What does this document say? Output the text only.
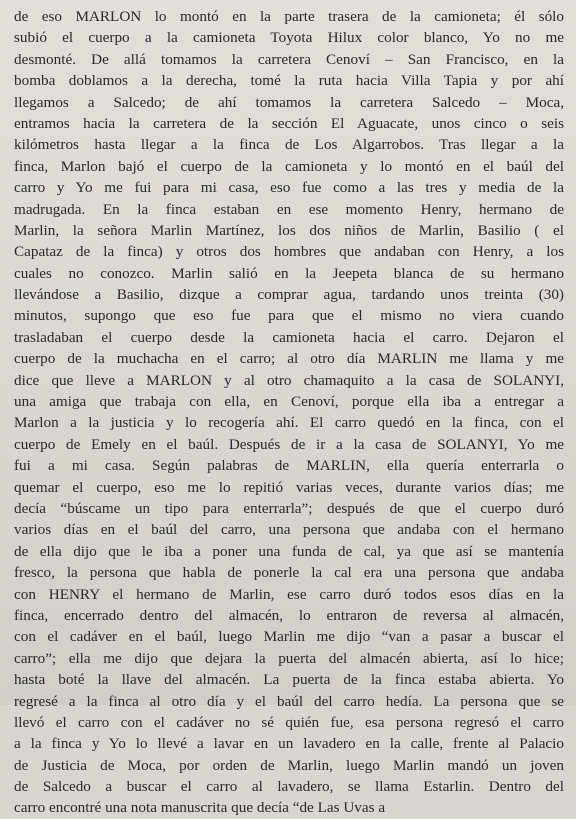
de eso MARLON lo montó en la parte trasera de la camioneta; él sólo
subió el cuerpo a la camioneta Toyota Hilux color blanco, Yo no me
desmonté. De allá tomamos la carretera Cenoví – San Francisco, en la
bomba doblamos a la derecha, tomé la ruta hacia Villa Tapia y por ahí
llegamos a Salcedo; de ahí tomamos la carretera Salcedo – Moca,
entramos hacia la carretera de la sección El Aguacate, unos cinco o seis
kilómetros hasta llegar a la finca de Los Algarrobos. Tras llegar a la
finca, Marlon bajó el cuerpo de la camioneta y lo montó en el baúl del
carro y Yo me fui para mi casa, eso fue como a las tres y media de la
madrugada. En la finca estaban en ese momento Henry, hermano de
Marlin, la señora Marlin Martínez, los dos niños de Marlin, Basilio ( el
Capataz de la finca) y otros dos hombres que andaban con Henry, a los
cuales no conozco. Marlin salió en la Jeepeta blanca de su hermano
llevándose a Basilio, dizque a comprar agua, tardando unos treinta (30)
minutos, supongo que eso fue para que el mismo no viera cuando
trasladaban el cuerpo desde la camioneta hacia el carro. Dejaron el
cuerpo de la muchacha en el carro; al otro día MARLIN me llama y me
dice que lleve a MARLON y al otro chamaquito a la casa de SOLANYI,
una amiga que trabaja con ella, en Cenoví, porque ella iba a entregar a
Marlon a la justicia y lo recogería ahí. El carro quedó en la finca, con el
cuerpo de Emely en el baúl. Después de ir a la casa de SOLANYI, Yo me
fui a mi casa. Según palabras de MARLIN, ella quería enterrarla o
quemar el cuerpo, eso me lo repitió varias veces, durante varios días; me
decía “búscame un tipo para enterrarla”; después de que el cuerpo duró
varios días en el baúl del carro, una persona que andaba con el hermano
de ella dijo que le iba a poner una funda de cal, ya que así se mantenía
fresco, la persona que habla de ponerle la cal era una persona que andaba
con HENRY el hermano de Marlin, ese carro duró todos esos días en la
finca, encerrado dentro del almacén, lo entraron de reversa al almacén,
con el cadáver en el baúl, luego Marlin me dijo “van a pasar a buscar el
carro”; ella me dijo que dejara la puerta del almacén abierta, así lo hice;
hasta boté la llave del almacén. La puerta de la finca estaba abierta. Yo
regresé a la finca al otro día y el baúl del carro hedía. La persona que se
llevó el carro con el cadáver no sé quién fue, esa persona regresó el carro
a la finca y Yo lo llevé a lavar en un lavadero en la calle, frente al Palacio
de Justicia de Moca, por orden de Marlin, luego Marlin mandó un joven
de Salcedo a buscar el carro al lavadero, se llama Estarlin. Dentro del
carro encontré una nota manuscrita que decía “de Las Uvas a
